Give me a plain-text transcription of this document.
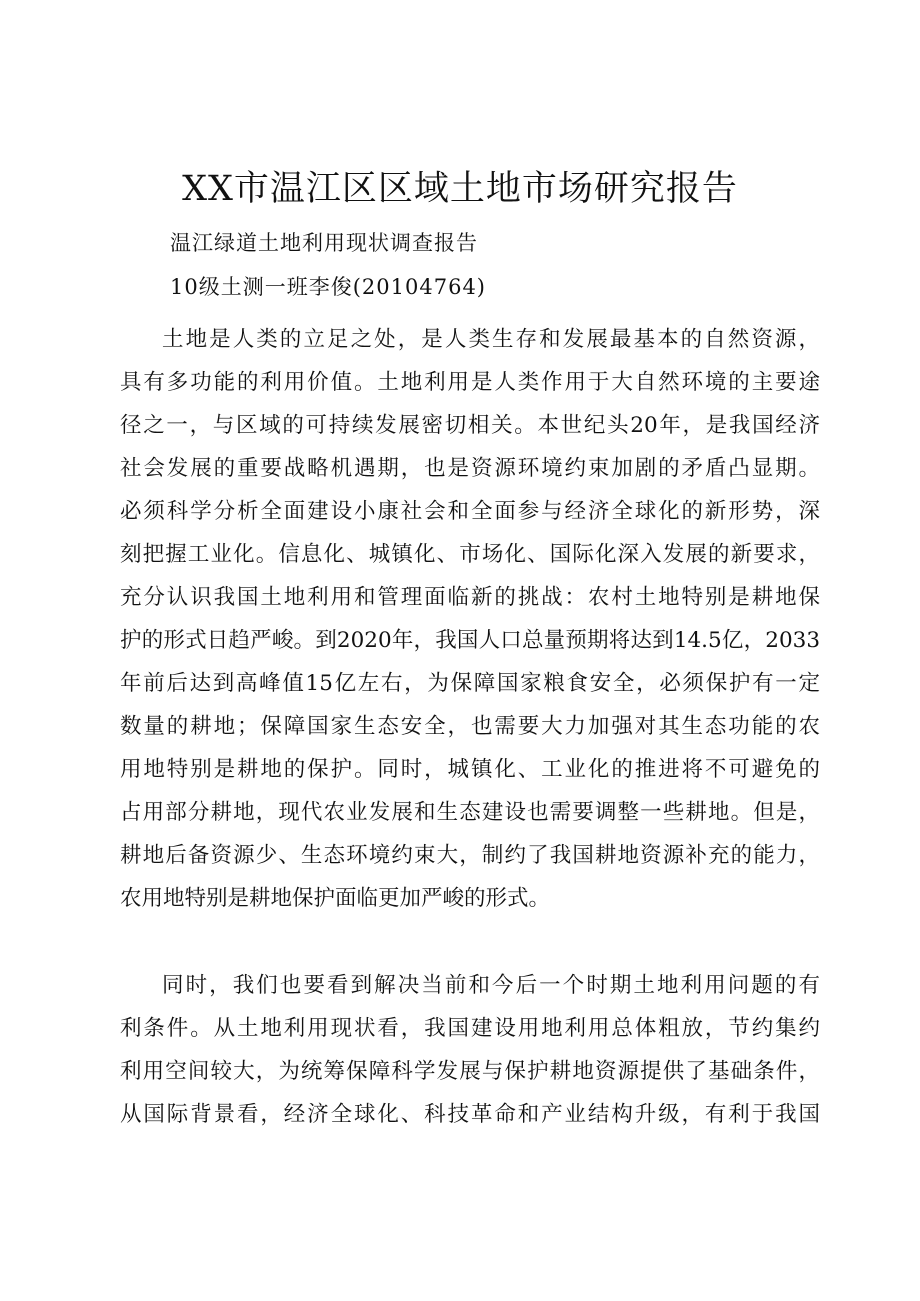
XX市温江区区域土地市场研究报告
温江绿道土地利用现状调查报告
10级土测一班李俊(20104764)
土地是人类的立足之处，是人类生存和发展最基本的自然资源，
具有多功能的利用价值。土地利用是人类作用于大自然环境的主要途
径之一，与区域的可持续发展密切相关。本世纪头20年，是我国经济
社会发展的重要战略机遇期，也是资源环境约束加剧的矛盾凸显期。
必须科学分析全面建设小康社会和全面参与经济全球化的新形势，深
刻把握工业化。信息化、城镇化、市场化、国际化深入发展的新要求，
充分认识我国土地利用和管理面临新的挑战：农村土地特别是耕地保
护的形式日趋严峻。到2020年，我国人口总量预期将达到14.5亿，2033
年前后达到高峰值15亿左右，为保障国家粮食安全，必须保护有一定
数量的耕地；保障国家生态安全，也需要大力加强对其生态功能的农
用地特别是耕地的保护。同时，城镇化、工业化的推进将不可避免的
占用部分耕地，现代农业发展和生态建设也需要调整一些耕地。但是，
耕地后备资源少、生态环境约束大，制约了我国耕地资源补充的能力，
农用地特别是耕地保护面临更加严峻的形式。
同时，我们也要看到解决当前和今后一个时期土地利用问题的有
利条件。从土地利用现状看，我国建设用地利用总体粗放，节约集约
利用空间较大，为统筹保障科学发展与保护耕地资源提供了基础条件，
从国际背景看，经济全球化、科技革命和产业结构升级，有利于我国
